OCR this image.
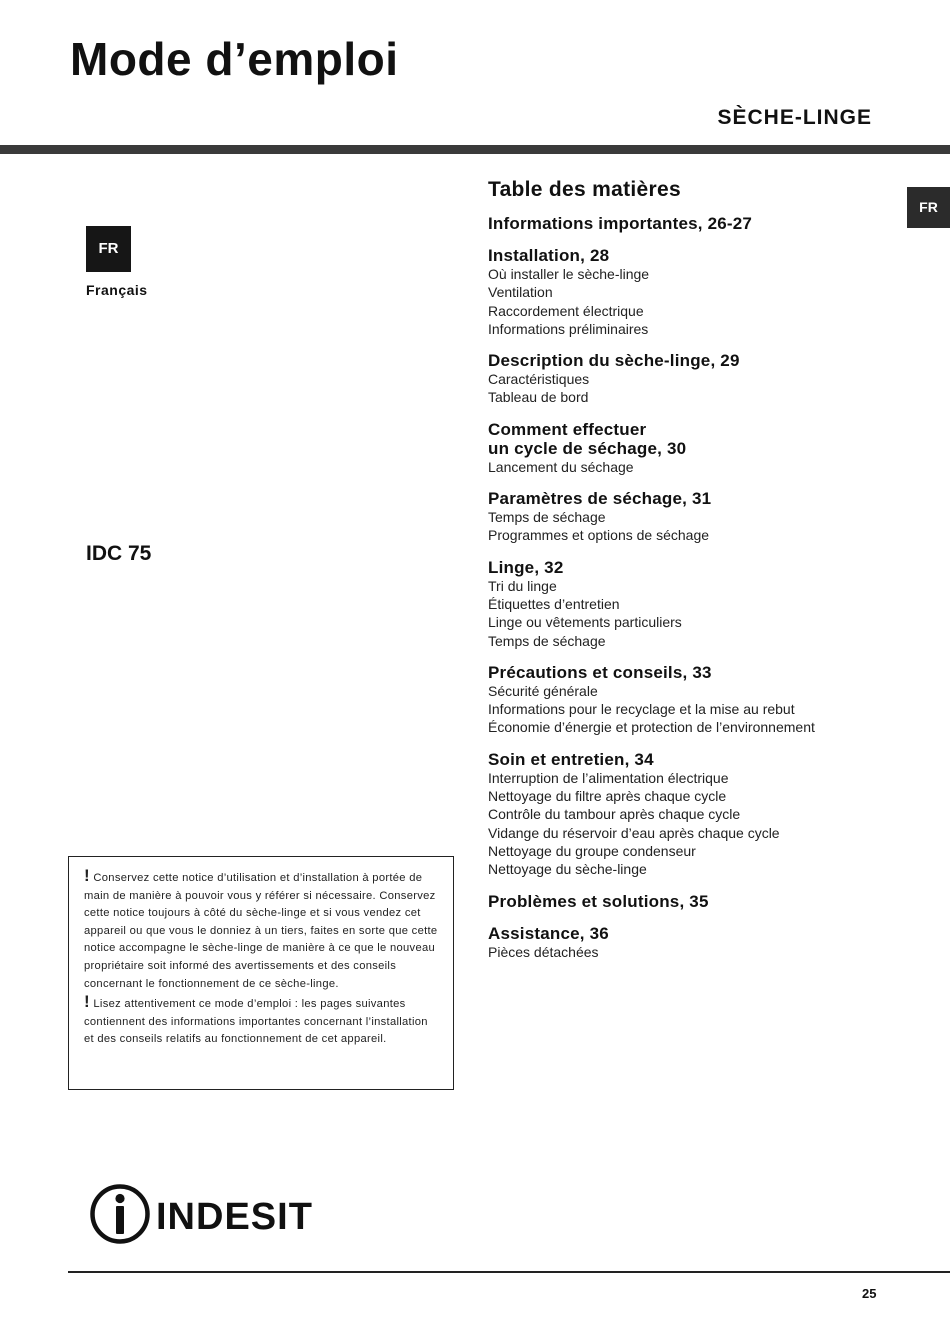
Mode d’emploi
SÈCHE-LINGE
FR
FR
Français
IDC 75
Table des matières
Informations importantes, 26-27
Installation, 28
Où installer le sèche-linge
Ventilation
Raccordement électrique
Informations préliminaires
Description du sèche-linge, 29
Caractéristiques
Tableau de bord
Comment effectuer
un cycle de séchage, 30
Lancement du séchage
Paramètres de séchage, 31
Temps de séchage
Programmes et options de séchage
Linge, 32
Tri du linge
Étiquettes d’entretien
Linge ou vêtements particuliers
Temps de séchage
Précautions et conseils, 33
Sécurité générale
Informations pour le recyclage et la mise au rebut
Économie d’énergie et protection de l’environnement
Soin et entretien, 34
Interruption de l’alimentation électrique
Nettoyage du filtre après chaque cycle
Contrôle du tambour après chaque cycle
Vidange du réservoir d’eau après chaque cycle
Nettoyage du groupe condenseur
Nettoyage du sèche-linge
Problèmes et solutions, 35
Assistance, 36
Pièces détachées
! Conservez cette notice d’utilisation et d’installation à portée de main de manière à pouvoir vous y référer si nécessaire. Conservez cette notice toujours à côté du sèche-linge et si vous vendez cet appareil ou que vous le donniez à un tiers, faites en sorte que cette notice accompagne le sèche-linge de manière à ce que le nouveau propriétaire soit informé des avertissements et des conseils concernant le fonctionnement de ce sèche-linge.
! Lisez attentivement ce mode d’emploi : les pages suivantes contiennent des informations importantes concernant l’installation et des conseils relatifs au fonctionnement de cet appareil.
INDESIT
25
